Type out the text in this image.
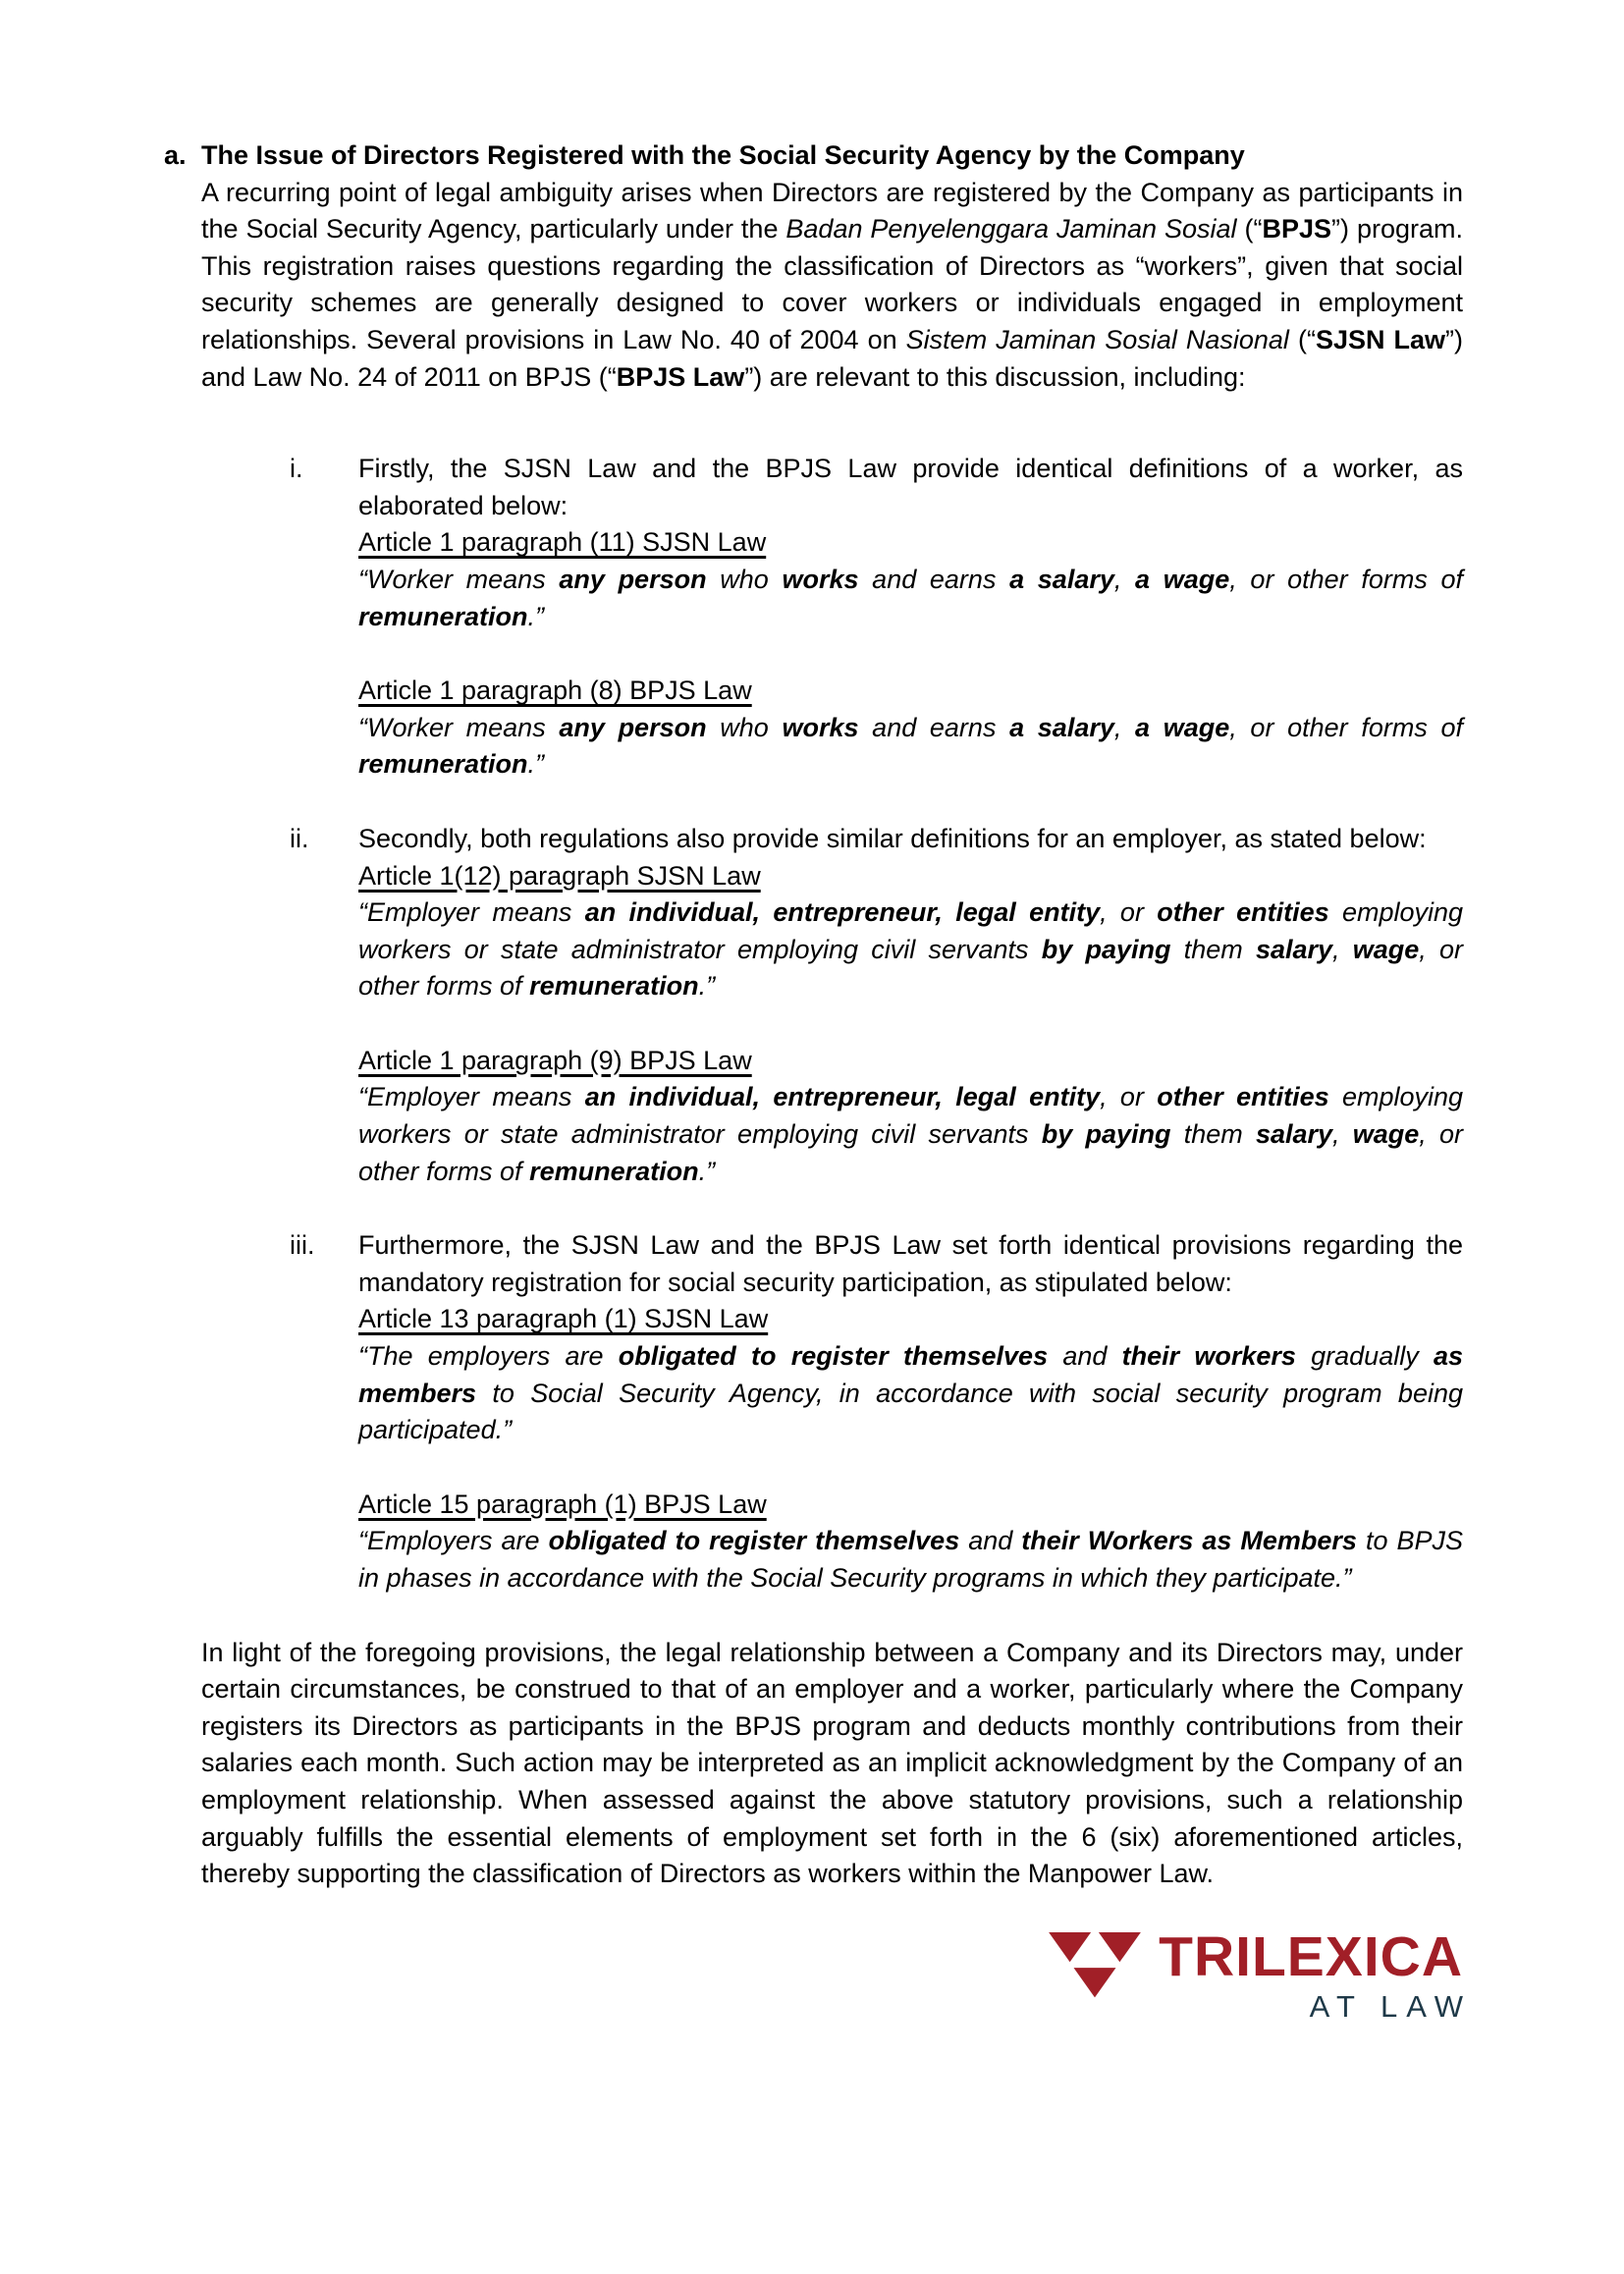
a. The Issue of Directors Registered with the Social Security Agency by the Company

A recurring point of legal ambiguity arises when Directors are registered by the Company as participants in the Social Security Agency, particularly under the Badan Penyelenggara Jaminan Sosial (“BPJS”) program. This registration raises questions regarding the classification of Directors as “workers”, given that social security schemes are generally designed to cover workers or individuals engaged in employment relationships. Several provisions in Law No. 40 of 2004 on Sistem Jaminan Sosial Nasional (“SJSN Law”) and Law No. 24 of 2011 on BPJS (“BPJS Law”) are relevant to this discussion, including:

i.	Firstly, the SJSN Law and the BPJS Law provide identical definitions of a worker, as elaborated below:
Article 1 paragraph (11) SJSN Law
“Worker means any person who works and earns a salary, a wage, or other forms of remuneration.”
Article 1 paragraph (8) BPJS Law
“Worker means any person who works and earns a salary, a wage, or other forms of remuneration.”
ii.	Secondly, both regulations also provide similar definitions for an employer, as stated below:
Article 1(12) paragraph SJSN Law
“Employer means an individual, entrepreneur, legal entity, or other entities employing workers or state administrator employing civil servants by paying them salary, wage, or other forms of remuneration.”
Article 1 paragraph (9) BPJS Law
“Employer means an individual, entrepreneur, legal entity, or other entities employing workers or state administrator employing civil servants by paying them salary, wage, or other forms of remuneration.”
iii.	Furthermore, the SJSN Law and the BPJS Law set forth identical provisions regarding the mandatory registration for social security participation, as stipulated below:
Article 13 paragraph (1) SJSN Law
“The employers are obligated to register themselves and their workers gradually as members to Social Security Agency, in accordance with social security program being participated.”
Article 15 paragraph (1) BPJS Law
“Employers are obligated to register themselves and their Workers as Members to BPJS in phases in accordance with the Social Security programs in which they participate.”

In light of the foregoing provisions, the legal relationship between a Company and its Directors may, under certain circumstances, be construed to that of an employer and a worker, particularly where the Company registers its Directors as participants in the BPJS program and deducts monthly contributions from their salaries each month. Such action may be interpreted as an implicit acknowledgment by the Company of an employment relationship. When assessed against the above statutory provisions, such a relationship arguably fulfills the essential elements of employment set forth in the 6 (six) aforementioned articles, thereby supporting the classification of Directors as workers within the Manpower Law.

TRILEXICA
AT LAW
